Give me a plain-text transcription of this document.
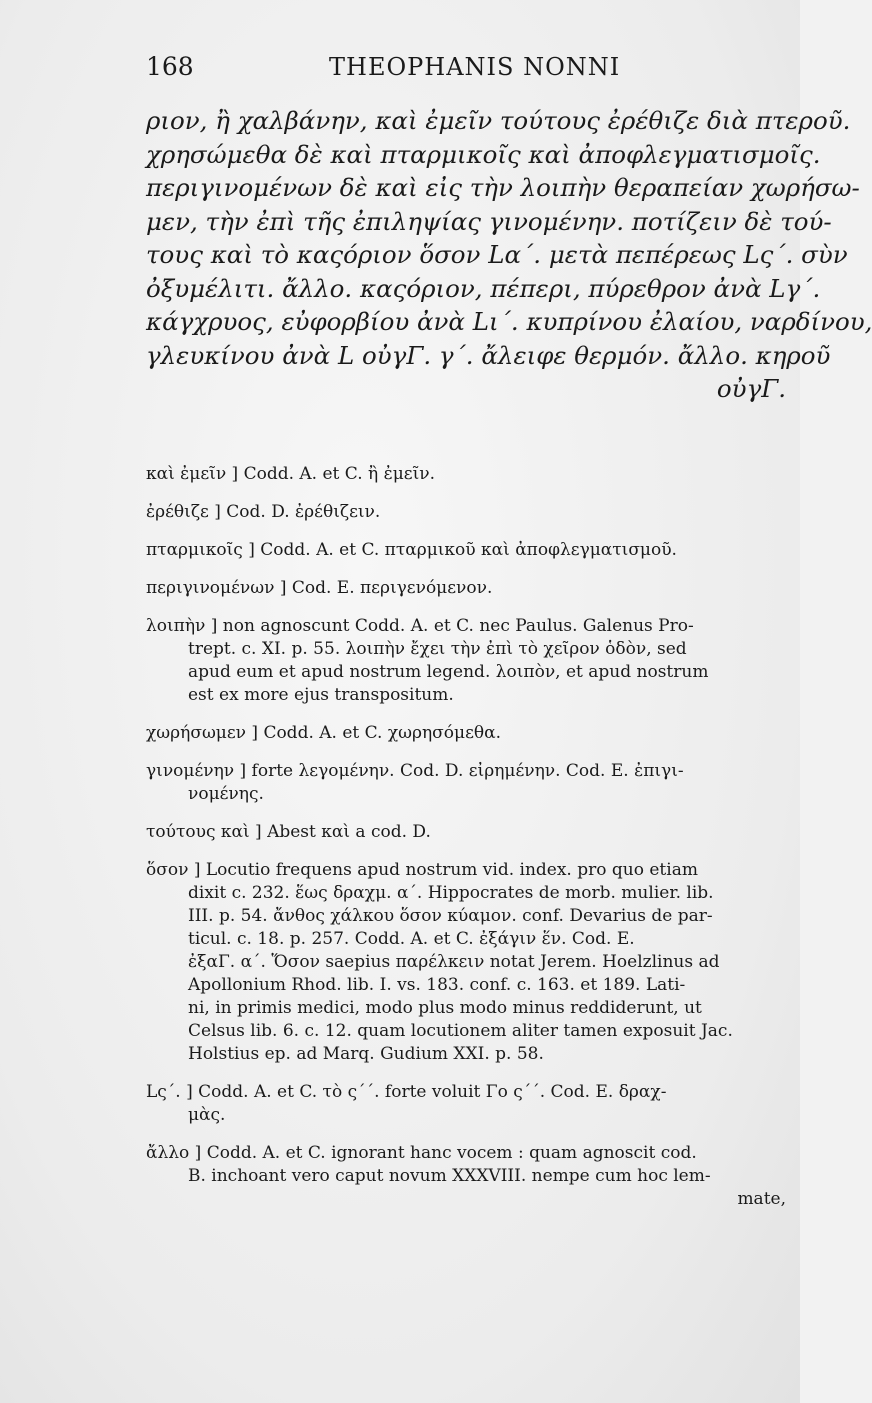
168	THEOPHANIS NONNI
ριον, ἢ χαλβάνην, καὶ ἐμεῖν τούτους ἐρέθιζε διὰ πτεροῦ.
χρησώμεθα δὲ καὶ πταρμικοῖς καὶ ἀποφλεγματισμοῖς.
περιγινομένων δὲ καὶ εἰς τὴν λοιπὴν θεραπείαν χωρήσω-
μεν, τὴν ἐπὶ τῆς ἐπιληψίας γινομένην. ποτίζειν δὲ τού-
τους καὶ τὸ καςόριον ὅσον Lα΄. μετὰ πεπέρεως Lς΄. σὺν
ὀξυμέλιτι. ἄλλο. καςόριον, πέπερι, πύρεθρον ἀνὰ Lγ΄.
κάγχρυος, εὐφορβίου ἀνὰ Lι΄. κυπρίνου ἐλαίου, ναρδίνου,
γλευκίνου ἀνὰ L οὐγΓ. γ΄. ἄλειφε θερμόν. ἄλλο. κηροῦ
οὐγΓ.
καὶ ἐμεῖν ] Codd. A. et C. ἢ ἐμεῖν.
ἐρέθιζε ] Cod. D. ἐρέθιζειν.
πταρμικοῖς ] Codd. A. et C. πταρμικοῦ καὶ ἀποφλεγματισμοῦ.
περιγινομένων ] Cod. E. περιγενόμενον.
λοιπὴν ] non agnoscunt Codd. A. et C. nec Paulus. Galenus Pro-
trept. c. XI. p. 55. λοιπὴν ἔχει τὴν ἐπὶ τὸ χεῖρον ὁδὸν, sed
apud eum et apud nostrum legend. λοιπὸν, et apud nostrum
est ex more ejus transpositum.
χωρήσωμεν ] Codd. A. et C. χωρησόμεθα.
γινομένην ] forte λεγομένην. Cod. D. εἰρημένην. Cod. E. ἐπιγι-
νομένης.
τούτους καὶ ] Abest καὶ a cod. D.
ὅσον ] Locutio frequens apud nostrum vid. index. pro quo etiam
dixit c. 232. ἕως δραχμ. α΄. Hippocrates de morb. mulier. lib.
III. p. 54. ἄνθος χάλκου ὅσον κύαμον. conf. Devarius de par-
ticul. c. 18. p. 257. Codd. A. et C. ἐξάγιν ἕν. Cod. E.
ἐξαΓ. α΄. Ὅσον saepius παρέλκειν notat Jerem. Hoelzlinus ad
Apollonium Rhod. lib. I. vs. 183. conf. c. 163. et 189. Lati-
ni, in primis medici, modo plus modo minus reddiderunt, ut
Celsus lib. 6. c. 12. quam locutionem aliter tamen exposuit Jac.
Holstius ep. ad Marq. Gudium XXI. p. 58.
Lς΄. ] Codd. A. et C. τὸ ς΄΄. forte voluit Γο ς΄΄. Cod. E. δραχ-
μὰς.
ἄλλο ] Codd. A. et C. ignorant hanc vocem : quam agnoscit cod.
B. inchoant vero caput novum XXXVIII. nempe cum hoc lem-
mate,
